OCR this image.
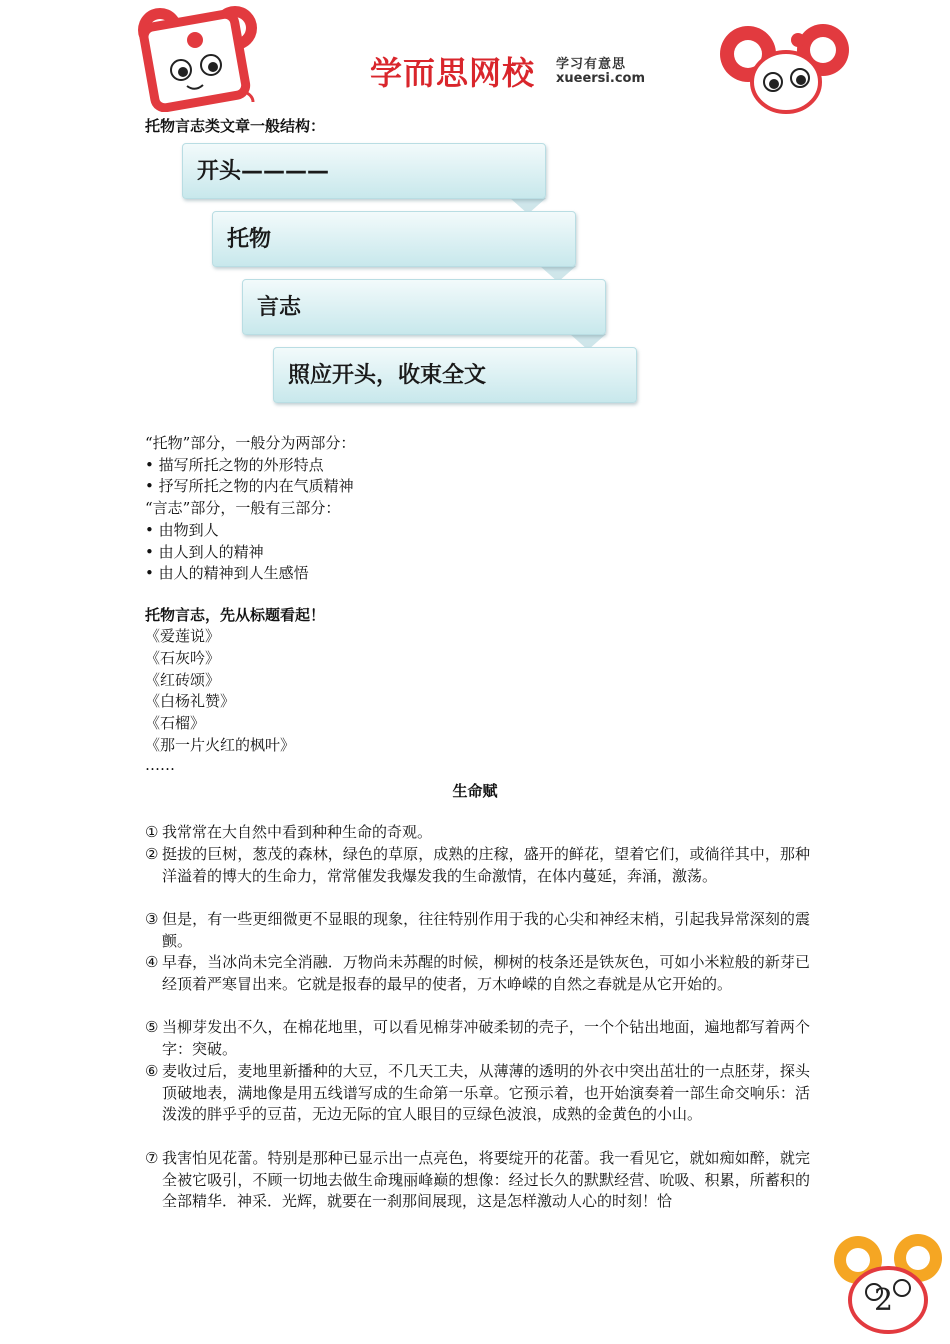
学而思网校 学习有意思
xueersi.com
托物言志类文章一般结构：
开头————
托物
言志
照应开头，收束全文
“托物”部分，一般分为两部分：
• 描写所托之物的外形特点
• 抒写所托之物的内在气质精神
“言志”部分，一般有三部分：
• 由物到人
• 由人到人的精神
• 由人的精神到人生感悟
托物言志，先从标题看起！
《爱莲说》
《石灰吟》
《红砖颂》
《白杨礼赞》
《石榴》
《那一片火红的枫叶》
……
生命赋
① 我常常在大自然中看到种种生命的奇观。
② 挺拔的巨树，葱茂的森林，绿色的草原，成熟的庄稼，盛开的鲜花，望着它们，或徜徉其中，那种洋溢着的博大的生命力，常常催发我爆发我的生命激情，在体内蔓延，奔涌，激荡。
③ 但是，有一些更细微更不显眼的现象，往往特别作用于我的心尖和神经末梢，引起我异常深刻的震颤。
④ 早春，当冰尚未完全消融．万物尚未苏醒的时候，柳树的枝条还是铁灰色，可如小米粒般的新芽已经顶着严寒冒出来。它就是报春的最早的使者，万木峥嵘的自然之春就是从它开始的。
⑤ 当柳芽发出不久，在棉花地里，可以看见棉芽冲破柔韧的壳子，一个个钻出地面，遍地都写着两个字：突破。
⑥ 麦收过后，麦地里新播种的大豆，不几天工夫，从薄薄的透明的外衣中突出茁壮的一点胚芽，探头顶破地表，满地像是用五线谱写成的生命第一乐章。它预示着，也开始演奏着一部生命交响乐：活泼泼的胖乎乎的豆苗，无边无际的宜人眼目的豆绿色波浪，成熟的金黄色的小山。
⑦ 我害怕见花蕾。特别是那种已显示出一点亮色，将要绽开的花蕾。我一看见它，就如痴如醉，就完全被它吸引，不顾一切地去做生命瑰丽峰巅的想像：经过长久的默默经营、吮吸、积累，所蓄积的全部精华．神采．光辉，就要在一刹那间展现，这是怎样激动人心的时刻！恰
2
